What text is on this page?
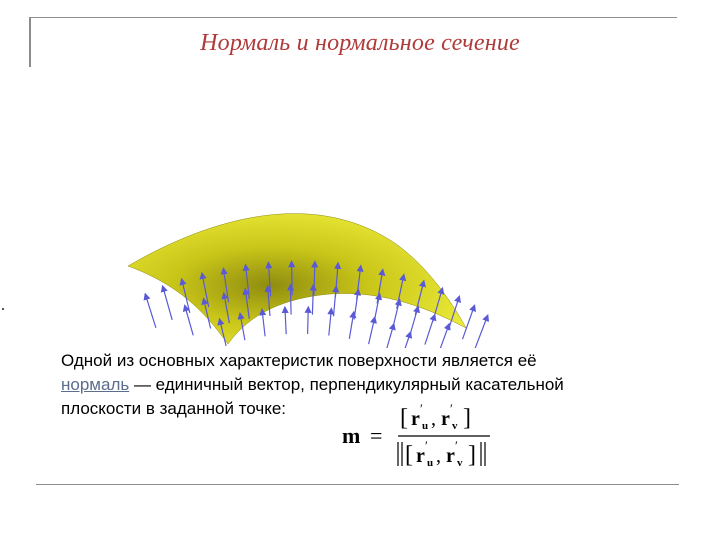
Нормаль и нормальное сечение
Одной из основных характеристик поверхности является её
нормаль — единичный вектор, перпендикулярный касательной
плоскости в заданной точке:
m =
[ r ′
u , r ′
v ]
[ r ′
u , r ′
v ]
